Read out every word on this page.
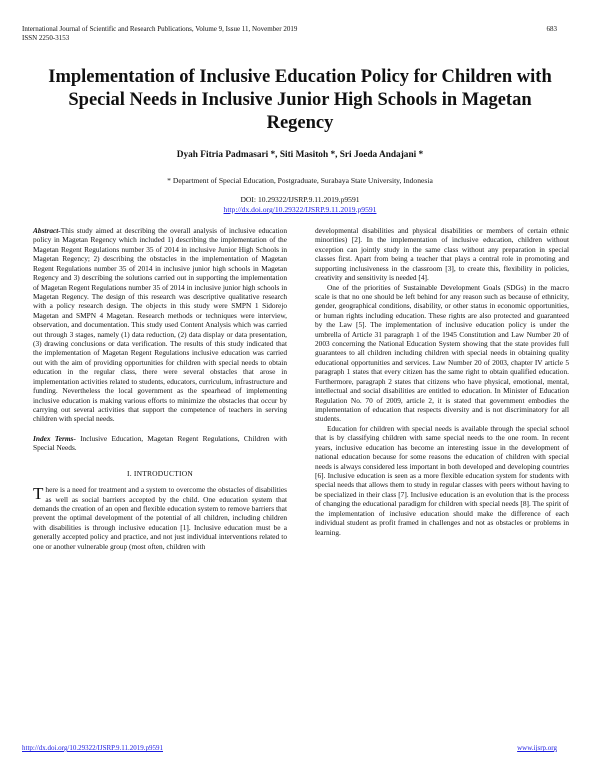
International Journal of Scientific and Research Publications, Volume 9, Issue 11, November 2019
ISSN 2250-3153
683
Implementation of Inclusive Education Policy for Children with Special Needs in Inclusive Junior High Schools in Magetan Regency
Dyah Fitria Padmasari *, Siti Masitoh *, Sri Joeda Andajani *
* Department of Special Education, Postgraduate, Surabaya State University, Indonesia
DOI: 10.29322/IJSRP.9.11.2019.p9591
http://dx.doi.org/10.29322/IJSRP.9.11.2019.p9591

Abstract-This study aimed at describing the overall analysis of inclusive education policy in Magetan Regency which included 1) describing the implementation of the Magetan Regent Regulations number 35 of 2014 in inclusive Junior High Schools in Magetan Regency; 2) describing the obstacles in the implementation of Magetan Regent Regulations number 35 of 2014 in inclusive junior high schools in Magetan Regency and 3) describing the solutions carried out in supporting the implementation of Magetan Regent Regulations number 35 of 2014 in inclusive junior high schools in Magetan Regency. The design of this research was descriptive qualitative research with a policy research design. The objects in this study were SMPN 1 Sidorejo Magetan and SMPN 4 Magetan. Research methods or techniques were interview, observation, and documentation. This study used Content Analysis which was carried out through 3 stages, namely (1) data reduction, (2) data display or data presentation, (3) drawing conclusions or data verification. The results of this study indicated that the implementation of Magetan Regent Regulations inclusive education was carried out with the aim of providing opportunities for children with special needs to obtain education in the regular class, there were several obstacles that arose in implementation activities related to students, educators, curriculum, infrastructure and funding. Nevertheless the local government as the spearhead of implementing inclusive education is making various efforts to minimize the obstacles that occur by carrying out several activities that support the competence of teachers in serving children with special needs.

Index Terms- Inclusive Education, Magetan Regent Regulations, Children with Special Needs.

I. INTRODUCTION

There is a need for treatment and a system to overcome the obstacles of disabilities as well as social barriers accepted by the child. One education system that demands the creation of an open and flexible education system to remove barriers that prevent the optimal development of the potential of all children, including children with disabilities is through inclusive education [1]. Inclusive education must be a generally accepted policy and practice, and not just individual interventions related to one or another vulnerable group (most often, children with

developmental disabilities and physical disabilities or members of certain ethnic minorities) [2]. In the implementation of inclusive education, children without exception can jointly study in the same class without any preparation in special classes first. Apart from being a teacher that plays a central role in promoting and supporting inclusiveness in the classroom [3], to create this, flexibility in policies, creativity and sensitivity is needed [4].

One of the priorities of Sustainable Development Goals (SDGs) in the macro scale is that no one should be left behind for any reason such as because of ethnicity, gender, geographical conditions, disability, or other status in economic opportunities, or human rights including education. These rights are also protected and guaranteed by the Law [5]. The implementation of inclusive education policy is under the umbrella of Article 31 paragraph 1 of the 1945 Constitution and Law Number 20 of 2003 concerning the National Education System showing that the state provides full guarantees to all children including children with special needs in obtaining quality educational opportunities and services. Law Number 20 of 2003, chapter IV article 5 paragraph 1 states that every citizen has the same right to obtain qualified education. Furthermore, paragraph 2 states that citizens who have physical, emotional, mental, intellectual and social disabilities are entitled to education. In Minister of Education Regulation No. 70 of 2009, article 2, it is stated that government embodies the implementation of education that respects diversity and is not discriminatory for all students.

Education for children with special needs is available through the special school that is by classifying children with same special needs to the one room. In recent years, inclusive education has become an interesting issue in the development of national education because for some reasons the education of children with special needs is always considered less important in both developed and developing countries [6]. Inclusive education is seen as a more flexible education system for students with special needs that allows them to study in regular classes with peers without having to be specialized in their class [7]. Inclusive education is an evolution that is the process of changing the educational paradigm for children with special needs [8]. The spirit of the implementation of inclusive education should make the difference of each individual student as profit framed in challenges and not as obstacles or problems in learning.

http://dx.doi.org/10.29322/IJSRP.9.11.2019.p9591	www.ijsrp.org
